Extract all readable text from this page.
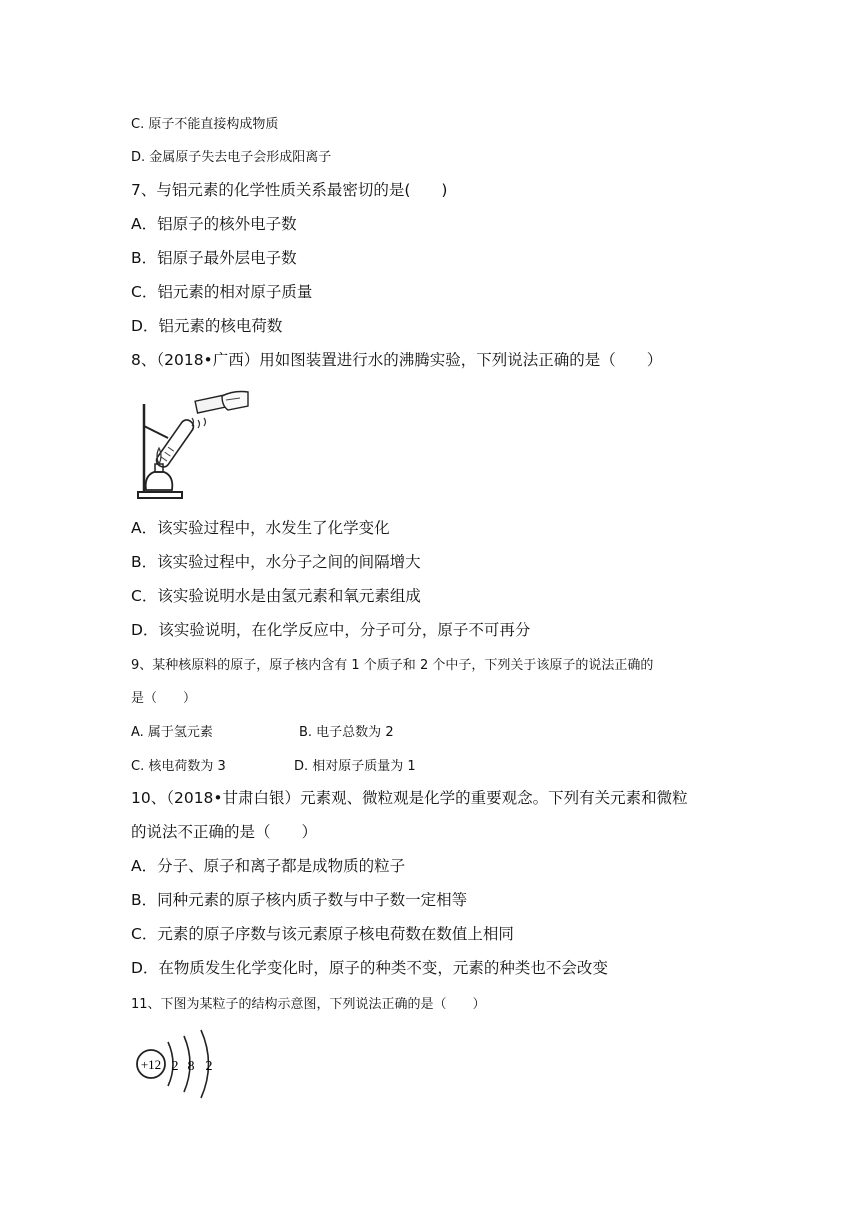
C. 原子不能直接构成物质
D. 金属原子失去电子会形成阳离子
7、与铝元素的化学性质关系最密切的是(　　)
A．铝原子的核外电子数
B．铝原子最外层电子数
C．铝元素的相对原子质量
D．铝元素的核电荷数
8、（2018•广西）用如图装置进行水的沸腾实验，下列说法正确的是（　　）
A．该实验过程中，水发生了化学变化
B．该实验过程中，水分子之间的间隔增大
C．该实验说明水是由氢元素和氧元素组成
D．该实验说明，在化学反应中，分子可分，原子不可再分
9、某种核原料的原子，原子核内含有 1 个质子和 2 个中子，下列关于该原子的说法正确的
是（　　）
A. 属于氢元素	B. 电子总数为 2
C. 核电荷数为 3	D. 相对原子质量为 1
10、（2018•甘肃白银）元素观、微粒观是化学的重要观念。下列有关元素和微粒
的说法不正确的是（　　）
A．分子、原子和离子都是成物质的粒子
B．同种元素的原子核内质子数与中子数一定相等
C．元素的原子序数与该元素原子核电荷数在数值上相同
D．在物质发生化学变化时，原子的种类不变，元素的种类也不会改变
11、下图为某粒子的结构示意图，下列说法正确的是（　　）
+12 2 8 2
